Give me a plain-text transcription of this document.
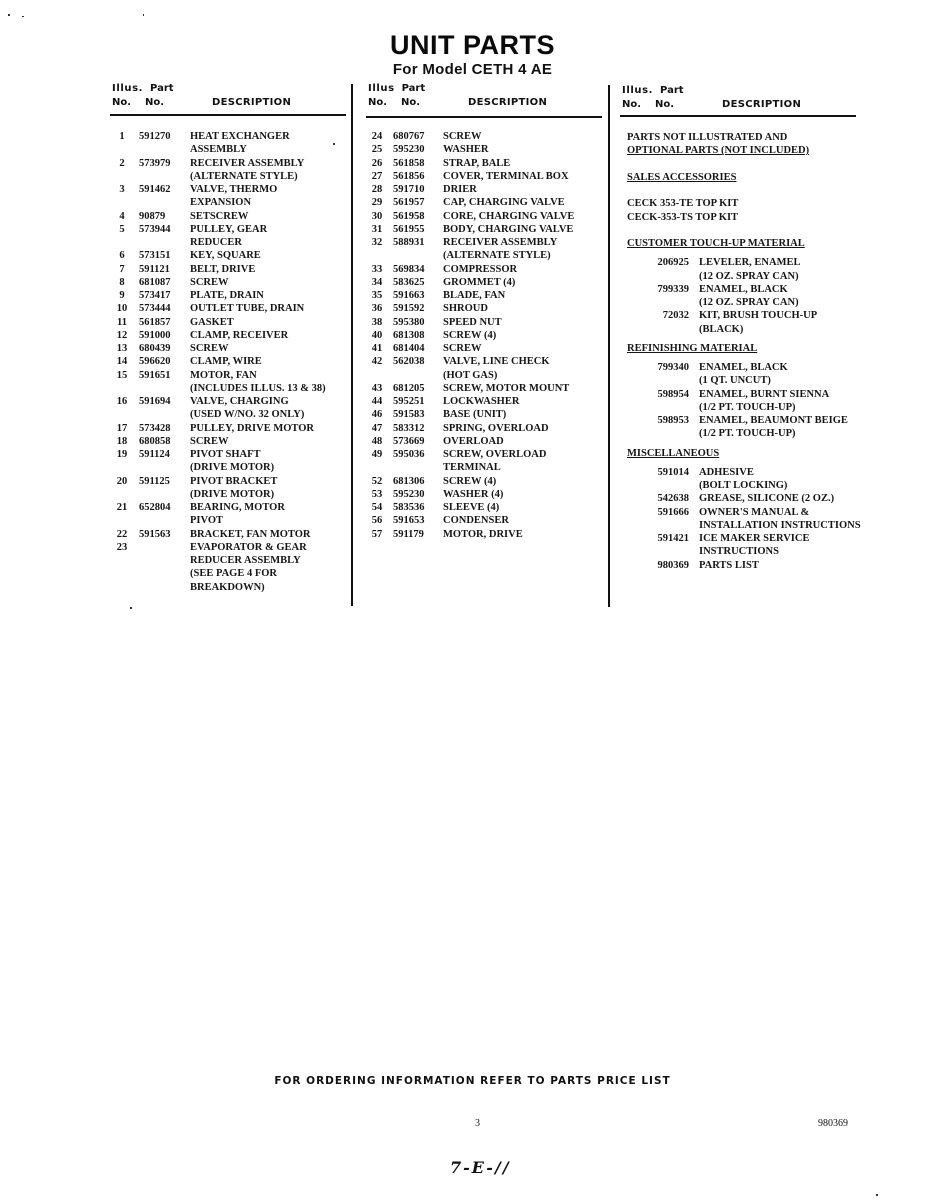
UNIT PARTS
For Model CETH 4 AE
Illus. Part
No. No.	DESCRIPTION
Illus Part
No. No.	DESCRIPTION
Illus. Part
No. No.	DESCRIPTION
1	591270 HEAT EXCHANGER
ASSEMBLY
2	573979 RECEIVER ASSEMBLY
(ALTERNATE STYLE)
3	591462 VALVE, THERMO
EXPANSION
4	90879 SETSCREW
5	573944 PULLEY, GEAR
REDUCER
6	573151 KEY, SQUARE
7	591121 BELT, DRIVE
8	681087 SCREW
9	573417 PLATE, DRAIN
10 573444 OUTLET TUBE, DRAIN
11 561857 GASKET
12 591000 CLAMP, RECEIVER
13 680439 SCREW
14 596620 CLAMP, WIRE
15 591651 MOTOR, FAN
(INCLUDES ILLUS. 13 & 38)
16 591694 VALVE, CHARGING
(USED W/NO. 32 ONLY)
17 573428 PULLEY, DRIVE MOTOR
18 680858 SCREW
19 591124 PIVOT SHAFT
(DRIVE MOTOR)
20 591125 PIVOT BRACKET
(DRIVE MOTOR)
21 652804 BEARING, MOTOR
PIVOT
22 591563 BRACKET, FAN MOTOR
23	EVAPORATOR & GEAR
REDUCER ASSEMBLY
(SEE PAGE 4 FOR
BREAKDOWN)
24 680767 SCREW
25 595230 WASHER
26 561858 STRAP, BALE
27 561856 COVER, TERMINAL BOX
28 591710 DRIER
29 561957 CAP, CHARGING VALVE
30 561958 CORE, CHARGING VALVE
31 561955 BODY, CHARGING VALVE
32 588931 RECEIVER ASSEMBLY
(ALTERNATE STYLE)
33 569834 COMPRESSOR
34 583625 GROMMET (4)
35 591663 BLADE, FAN
36 591592 SHROUD
38 595380 SPEED NUT
40 681308 SCREW (4)
41 681404 SCREW
42 562038 VALVE, LINE CHECK
(HOT GAS)
43 681205 SCREW, MOTOR MOUNT
44 595251 LOCKWASHER
46 591583 BASE (UNIT)
47 583312 SPRING, OVERLOAD
48 573669 OVERLOAD
49 595036 SCREW, OVERLOAD
TERMINAL
52 681306 SCREW (4)
53 595230 WASHER (4)
54 583536 SLEEVE (4)
56 591653 CONDENSER
57 591179 MOTOR, DRIVE
PARTS NOT ILLUSTRATED AND
OPTIONAL PARTS (NOT INCLUDED)
SALES ACCESSORIES
CECK 353-TE TOP KIT
CECK-353-TS TOP KIT
CUSTOMER TOUCH-UP MATERIAL
206925 LEVELER, ENAMEL
(12 OZ. SPRAY CAN)
799339 ENAMEL, BLACK
(12 OZ. SPRAY CAN)
72032 KIT, BRUSH TOUCH-UP
(BLACK)
REFINISHING MATERIAL
799340 ENAMEL, BLACK
(1 QT. UNCUT)
598954 ENAMEL, BURNT SIENNA
(1/2 PT. TOUCH-UP)
598953 ENAMEL, BEAUMONT BEIGE
(1/2 PT. TOUCH-UP)
MISCELLANEOUS
591014 ADHESIVE
(BOLT LOCKING)
542638 GREASE, SILICONE (2 OZ.)
591666 OWNER'S MANUAL &
INSTALLATION INSTRUCTIONS
591421 ICE MAKER SERVICE
INSTRUCTIONS
980369 PARTS LIST
FOR ORDERING INFORMATION REFER TO PARTS PRICE LIST
3	980369
7-E-//
